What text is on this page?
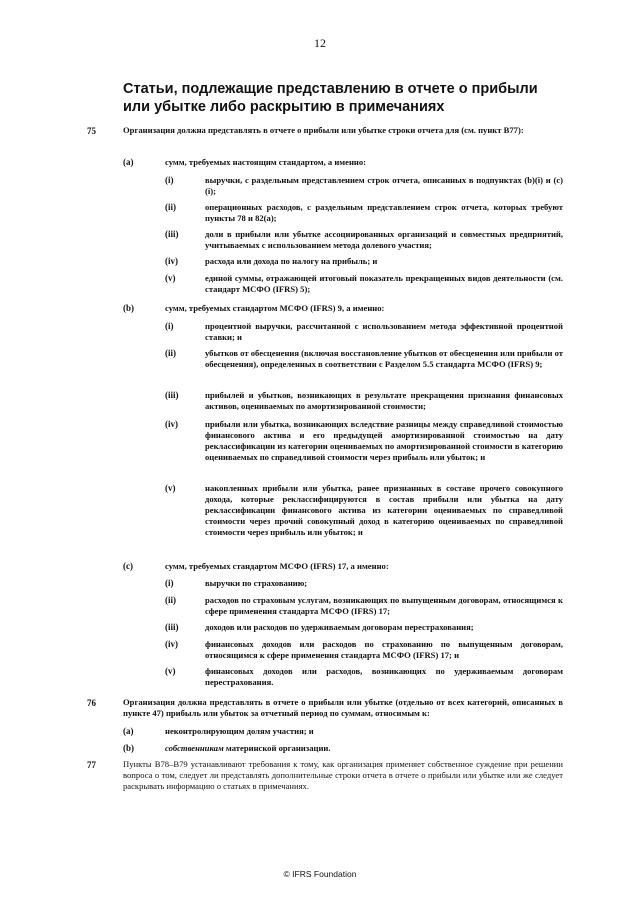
12
Статьи, подлежащие представлению в отчете о прибыли или убытке либо раскрытию в примечаниях
75	Организация должна представлять в отчете о прибыли или убытке строки отчета для (см. пункт B77):
(a)	сумм, требуемых настоящим стандартом, а именно:
(i)	выручки, с раздельным представлением строк отчета, описанных в подпунктах (b)(i) и (c)(i);
(ii)	операционных расходов, с раздельным представлением строк отчета, которых требуют пункты 78 и 82(a);
(iii)	доли в прибыли или убытке ассоциированных организаций и совместных предприятий, учитываемых с использованием метода долевого участия;
(iv)	расхода или дохода по налогу на прибыль; и
(v)	единой суммы, отражающей итоговый показатель прекращенных видов деятельности (см. стандарт МСФО (IFRS) 5);
(b)	сумм, требуемых стандартом МСФО (IFRS) 9, а именно:
(i)	процентной выручки, рассчитанной с использованием метода эффективной процентной ставки; и
(ii)	убытков от обесценения (включая восстановление убытков от обесценения или прибыли от обесценения), определенных в соответствии с Разделом 5.5 стандарта МСФО (IFRS) 9;
(iii)	прибылей и убытков, возникающих в результате прекращения признания финансовых активов, оцениваемых по амортизированной стоимости;
(iv)	прибыли или убытка, возникающих вследствие разницы между справедливой стоимостью финансового актива и его предыдущей амортизированной стоимостью на дату реклассификации из категории оцениваемых по амортизированной стоимости в категорию оцениваемых по справедливой стоимости через прибыль или убыток; и
(v)	накопленных прибыли или убытка, ранее признанных в составе прочего совокупного дохода, которые реклассифицируются в состав прибыли или убытка на дату реклассификации финансового актива из категории оцениваемых по справедливой стоимости через прочий совокупный доход в категорию оцениваемых по справедливой стоимости через прибыль или убыток; и
(c)	сумм, требуемых стандартом МСФО (IFRS) 17, а именно:
(i)	выручки по страхованию;
(ii)	расходов по страховым услугам, возникающих по выпущенным договорам, относящимся к сфере применения стандарта МСФО (IFRS) 17;
(iii)	доходов или расходов по удерживаемым договорам перестрахования;
(iv)	финансовых доходов или расходов по страхованию по выпущенным договорам, относящимся к сфере применения стандарта МСФО (IFRS) 17; и
(v)	финансовых доходов или расходов, возникающих по удерживаемым договорам перестрахования.
76	Организация должна представлять в отчете о прибыли или убытке (отдельно от всех категорий, описанных в пункте 47) прибыль или убыток за отчетный период по суммам, относимым к:
(a)	неконтролирующим долям участия; и
(b)	собственникам материнской организации.
77	Пункты B78–B79 устанавливают требования к тому, как организация применяет собственное суждение при решении вопроса о том, следует ли представлять дополнительные строки отчета в отчете о прибыли или убытке или же следует раскрывать информацию о статьях в примечаниях.
© IFRS Foundation
